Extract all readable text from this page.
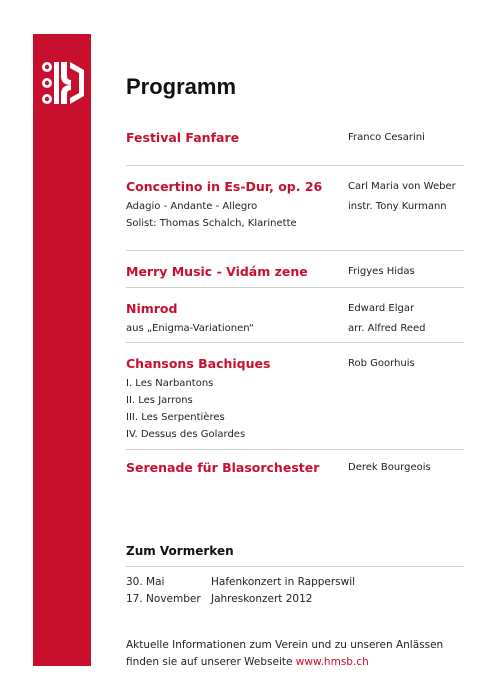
Programm
Festival Fanfare	Franco Cesarini
Concertino in Es-Dur, op. 26	Carl Maria von Weber
Adagio - Andante - Allegro	instr. Tony Kurmann
Solist: Thomas Schalch, Klarinette
Merry Music - Vidám zene	Frigyes Hidas
Nimrod	Edward Elgar
aus „Enigma-Variationen“	arr. Alfred Reed
Chansons Bachiques	Rob Goorhuis
I. Les Narbantons
II. Les Jarrons
III. Les Serpentières
IV. Dessus des Golardes
Serenade für Blasorchester	Derek Bourgeois
Zum Vormerken
30. Mai	Hafenkonzert in Rapperswil
17. November Jahreskonzert 2012
Aktuelle Informationen zum Verein und zu unseren Anlässen
finden sie auf unserer Webseite www.hmsb.ch
